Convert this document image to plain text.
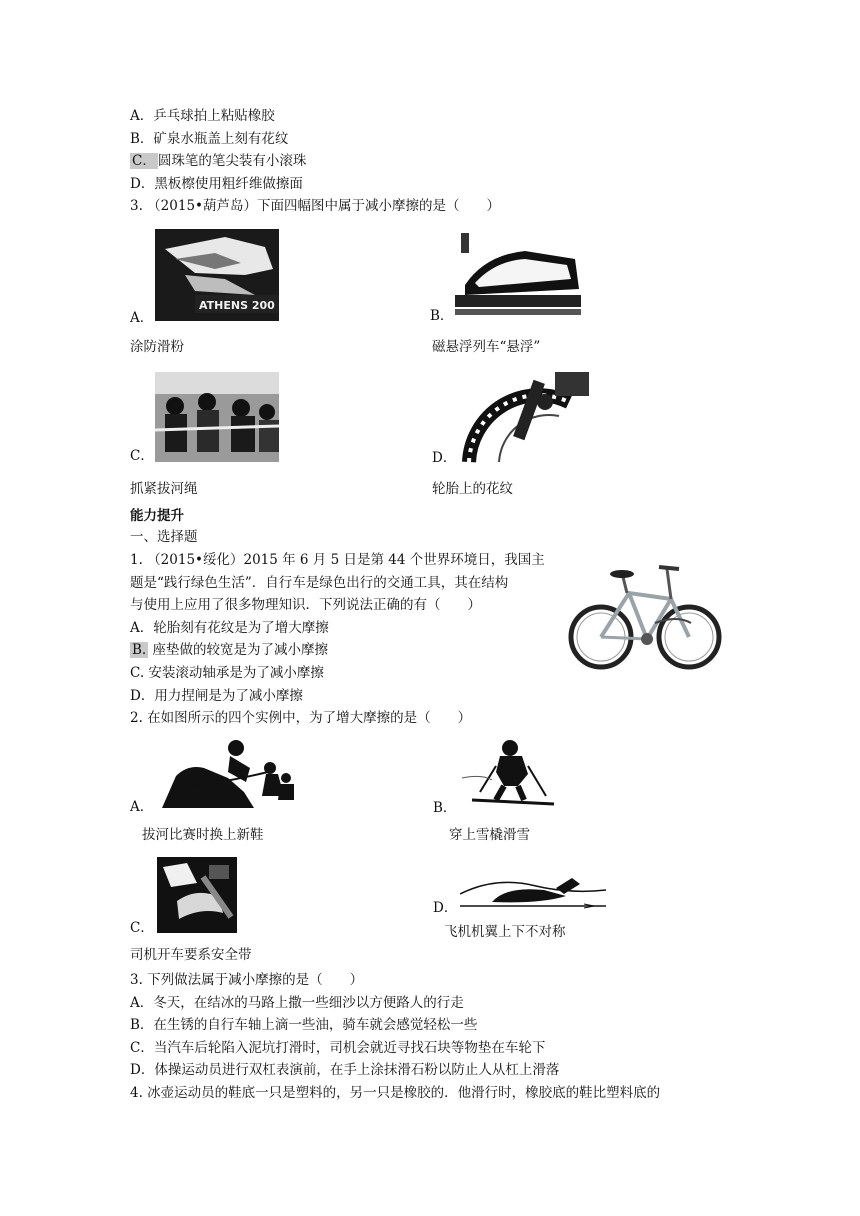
A．乒乓球拍上粘贴橡胶
B．矿泉水瓶盖上刻有花纹
C． 圆珠笔的笔尖装有小滚珠
D．黑板檫使用粗纤维做擦面
3. （2015•葫芦岛）下面四幅图中属于减小摩擦的是（　　）
ATHENS 200
A．
涂防滑粉
B．
磁悬浮列车“悬浮”
C．
抓紧拔河绳
D．
轮胎上的花纹
能力提升
一、选择题
1. （2015•绥化）2015 年 6 月 5 日是第 44 个世界环境日，我国主
题是“践行绿色生活”．自行车是绿色出行的交通工具，其在结构
与使用上应用了很多物理知识．下列说法正确的有（　　）
A．轮胎刻有花纹是为了增大摩擦
B. 座垫做的较宽是为了减小摩擦
C. 安装滚动轴承是为了减小摩擦
D．用力捏闸是为了减小摩擦
2. 在如图所示的四个实例中，为了增大摩擦的是（　　）
A．
拔河比赛时换上新鞋
B．
穿上雪橇滑雪
C．
司机开车要系安全带
D．
飞机机翼上下不对称
3. 下列做法属于减小摩擦的是（　　）
A．冬天，在结冰的马路上撒一些细沙以方便路人的行走
B．在生锈的自行车轴上滴一些油，骑车就会感觉轻松一些
C．当汽车后轮陷入泥坑打滑时，司机会就近寻找石块等物垫在车轮下
D．体操运动员进行双杠表演前，在手上涂抹滑石粉以防止人从杠上滑落
4. 冰壶运动员的鞋底一只是塑料的，另一只是橡胶的．他滑行时，橡胶底的鞋比塑料底的
